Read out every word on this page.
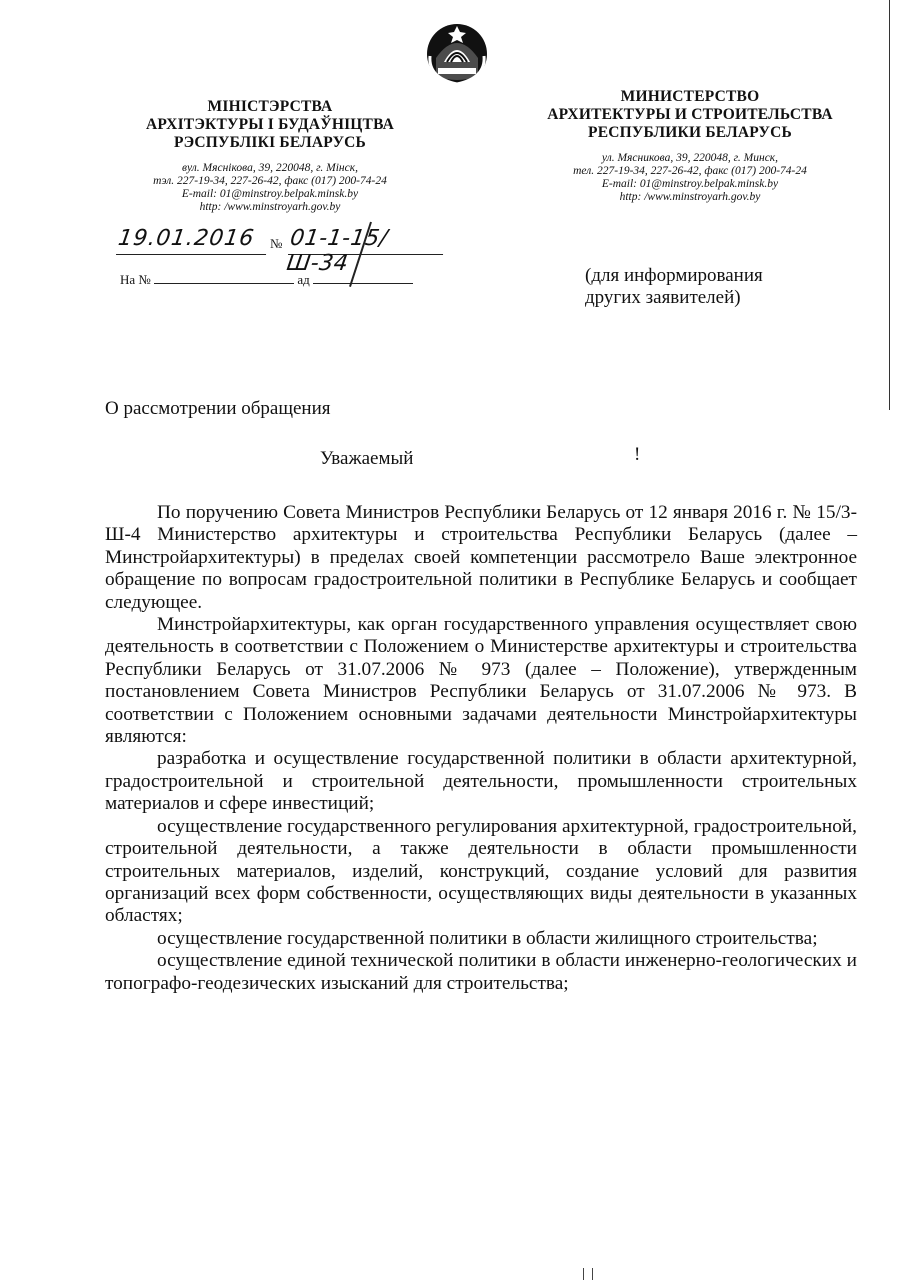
МІНІСТЭРСТВА
АРХІТЭКТУРЫ І БУДАЎНІЦТВА
РЭСПУБЛІКІ БЕЛАРУСЬ
вул. Мяснікова, 39, 220048, г. Мінск,
тэл. 227-19-34, 227-26-42, факс (017) 200-74-24
E-mail: 01@minstroy.belpak.minsk.by
http: /www.minstroyarh.gov.by
МИНИСТЕРСТВО
АРХИТЕКТУРЫ И СТРОИТЕЛЬСТВА
РЕСПУБЛИКИ БЕЛАРУСЬ
ул. Мясникова, 39, 220048, г. Минск,
тел. 227-19-34, 227-26-42, факс (017) 200-74-24
E-mail: 01@minstroy.belpak.minsk.by
http: /www.minstroyarh.gov.by
19.01.2016	№ 01-1-15/Ш-34
На №	ад	(для информирования
других заявителей)
О рассмотрении обращения
Уважаемый	!

По поручению Совета Министров Республики Беларусь от 12 января 2016 г. № 15/3-Ш-4 Министерство архитектуры и строительства Республики Беларусь (далее – Минстройархитектуры) в пределах своей компетенции рассмотрело Ваше электронное обращение по вопросам градостроительной политики в Республике Беларусь и сообщает следующее.

Минстройархитектуры, как орган государственного управления осуществляет свою деятельность в соответствии с Положением о Министерстве архитектуры и строительства Республики Беларусь от 31.07.2006 № 973 (далее – Положение), утвержденным постановлением Совета Министров Республики Беларусь от 31.07.2006 № 973. В соответствии с Положением основными задачами деятельности Минстройархитектуры являются:

разработка и осуществление государственной политики в области архитектурной, градостроительной и строительной деятельности, промышленности строительных материалов и сфере инвестиций;

осуществление государственного регулирования архитектурной, градостроительной, строительной деятельности, а также деятельности в области промышленности строительных материалов, изделий, конструкций, создание условий для развития организаций всех форм собственности, осуществляющих виды деятельности в указанных областях;

осуществление государственной политики в области жилищного строительства;

осуществление единой технической политики в области инженерно-геологических и топографо-геодезических изысканий для строительства;
